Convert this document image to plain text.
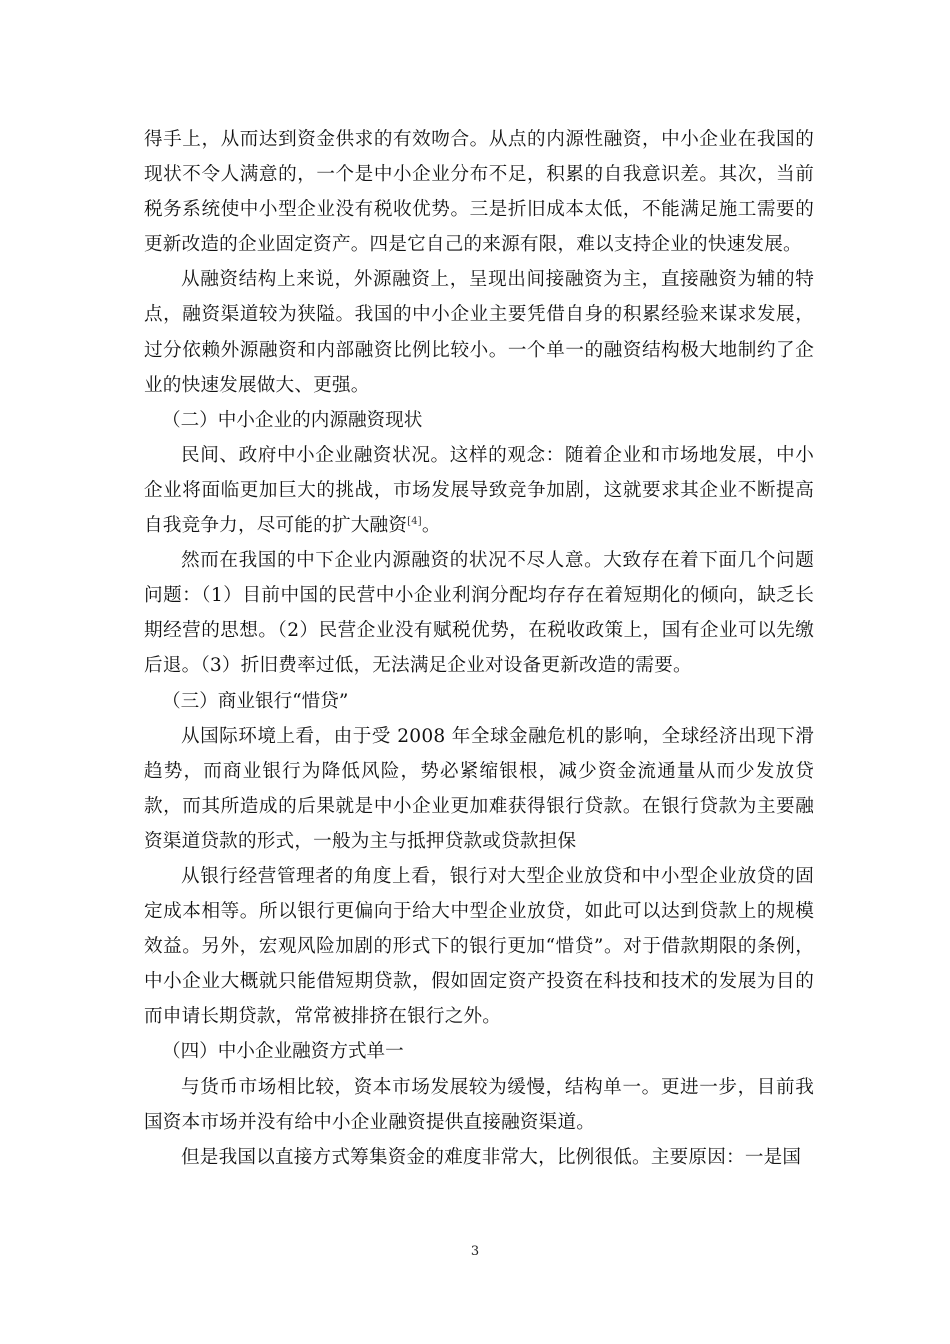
得手上，从而达到资金供求的有效吻合。从点的内源性融资，中小企业在我国的现状不令人满意的，一个是中小企业分布不足，积累的自我意识差。其次，当前税务系统使中小型企业没有税收优势。三是折旧成本太低，不能满足施工需要的更新改造的企业固定资产。四是它自己的来源有限，难以支持企业的快速发展。

从融资结构上来说，外源融资上，呈现出间接融资为主，直接融资为辅的特点，融资渠道较为狭隘。我国的中小企业主要凭借自身的积累经验来谋求发展，过分依赖外源融资和内部融资比例比较小。一个单一的融资结构极大地制约了企业的快速发展做大、更强。

（二）中小企业的内源融资现状

民间、政府中小企业融资状况。这样的观念：随着企业和市场地发展，中小企业将面临更加巨大的挑战，市场发展导致竞争加剧，这就要求其企业不断提高自我竞争力，尽可能的扩大融资[4]。

然而在我国的中下企业内源融资的状况不尽人意。大致存在着下面几个问题问题：（1）目前中国的民营中小企业利润分配均存存在着短期化的倾向，缺乏长期经营的思想。（2）民营企业没有赋税优势，在税收政策上，国有企业可以先缴后退。（3）折旧费率过低，无法满足企业对设备更新改造的需要。

（三）商业银行“惜贷”

从国际环境上看，由于受 2008 年全球金融危机的影响，全球经济出现下滑趋势，而商业银行为降低风险，势必紧缩银根，减少资金流通量从而少发放贷款，而其所造成的后果就是中小企业更加难获得银行贷款。在银行贷款为主要融资渠道贷款的形式，一般为主与抵押贷款或贷款担保

从银行经营管理者的角度上看，银行对大型企业放贷和中小型企业放贷的固定成本相等。所以银行更偏向于给大中型企业放贷，如此可以达到贷款上的规模效益。另外，宏观风险加剧的形式下的银行更加“惜贷”。对于借款期限的条例，中小企业大概就只能借短期贷款，假如固定资产投资在科技和技术的发展为目的而申请长期贷款，常常被排挤在银行之外。

（四）中小企业融资方式单一

与货币市场相比较，资本市场发展较为缓慢，结构单一。更进一步，目前我国资本市场并没有给中小企业融资提供直接融资渠道。

但是我国以直接方式筹集资金的难度非常大，比例很低。主要原因：一是国

3
